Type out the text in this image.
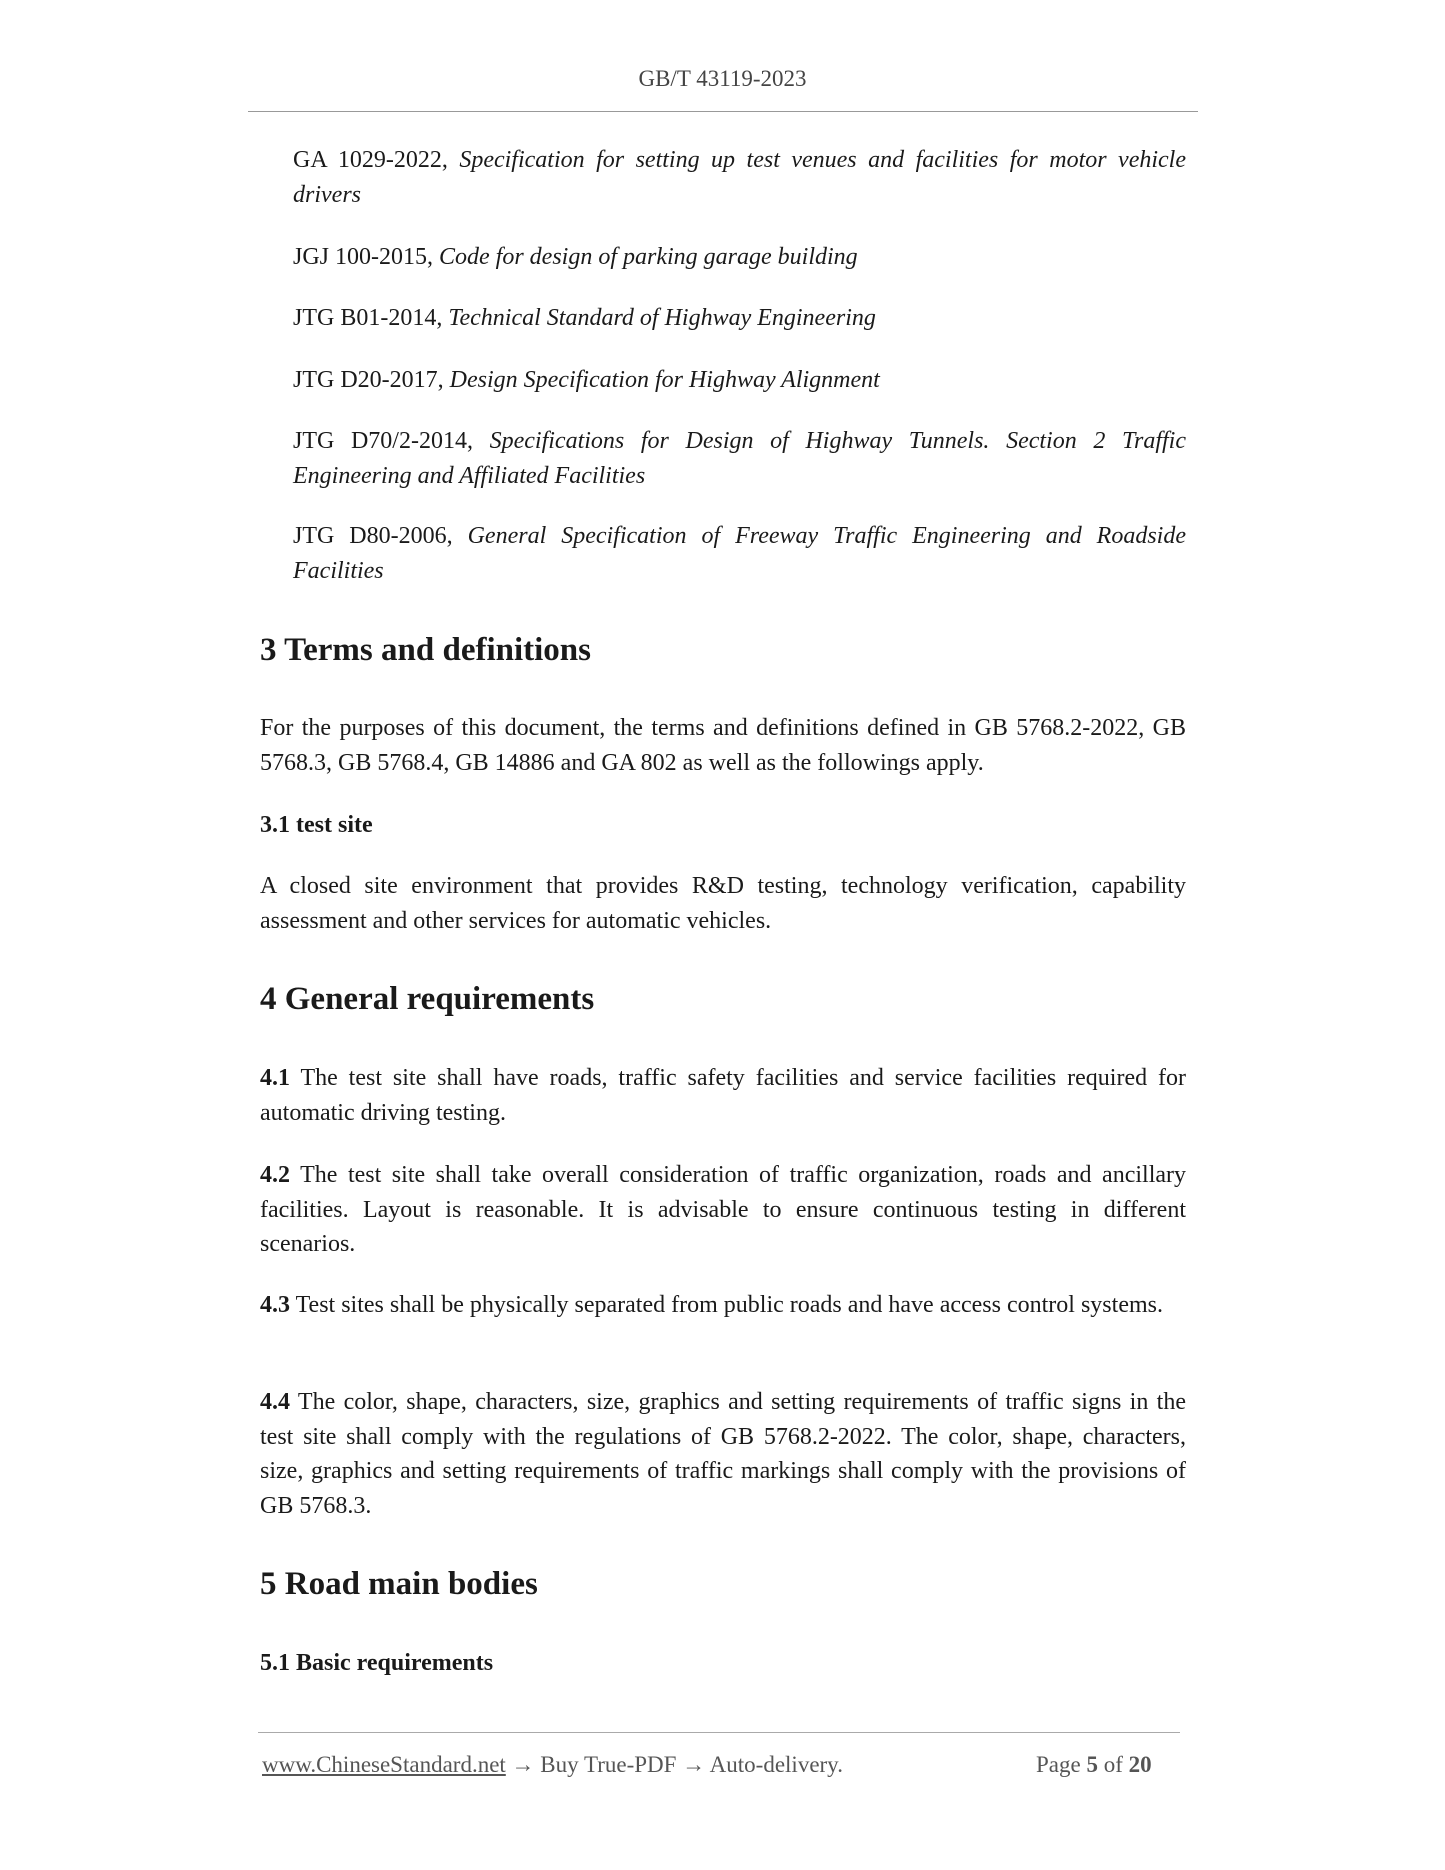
GB/T 43119-2023
GA 1029-2022, Specification for setting up test venues and facilities for motor vehicle drivers
JGJ 100-2015, Code for design of parking garage building
JTG B01-2014, Technical Standard of Highway Engineering
JTG D20-2017, Design Specification for Highway Alignment
JTG D70/2-2014, Specifications for Design of Highway Tunnels. Section 2 Traffic Engineering and Affiliated Facilities
JTG D80-2006, General Specification of Freeway Traffic Engineering and Roadside Facilities
3 Terms and definitions
For the purposes of this document, the terms and definitions defined in GB 5768.2-2022, GB 5768.3, GB 5768.4, GB 14886 and GA 802 as well as the followings apply.
3.1 test site
A closed site environment that provides R&D testing, technology verification, capability assessment and other services for automatic vehicles.
4 General requirements
4.1 The test site shall have roads, traffic safety facilities and service facilities required for automatic driving testing.
4.2 The test site shall take overall consideration of traffic organization, roads and ancillary facilities. Layout is reasonable. It is advisable to ensure continuous testing in different scenarios.
4.3 Test sites shall be physically separated from public roads and have access control systems.
4.4 The color, shape, characters, size, graphics and setting requirements of traffic signs in the test site shall comply with the regulations of GB 5768.2-2022. The color, shape, characters, size, graphics and setting requirements of traffic markings shall comply with the provisions of GB 5768.3.
5 Road main bodies
5.1 Basic requirements
www.ChineseStandard.net → Buy True-PDF → Auto-delivery.	Page 5 of 20
